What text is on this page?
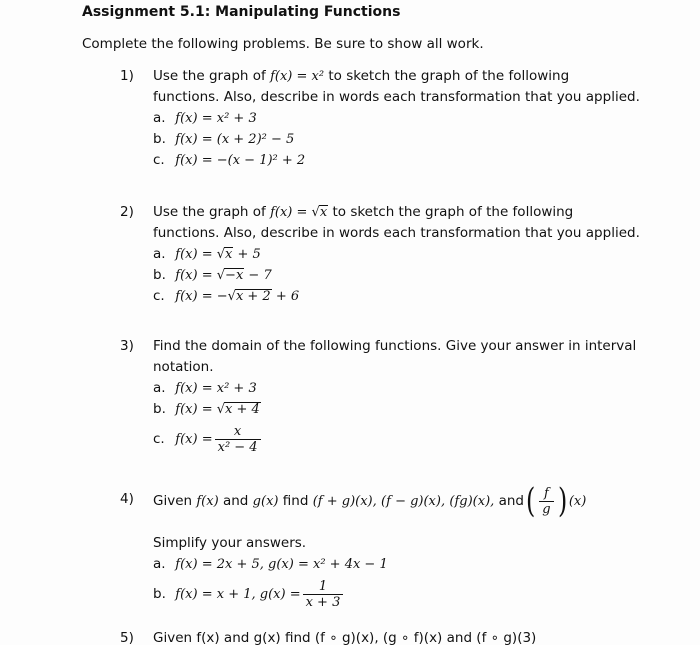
Assignment 5.1: Manipulating Functions
Complete the following problems. Be sure to show all work.
1)	Use the graph of f(x) = x² to sketch the graph of the following
functions. Also, describe in words each transformation that you applied.
a. f(x) = x² + 3
b. f(x) = (x + 2)² − 5
c. f(x) = −(x − 1)² + 2
2)	Use the graph of f(x) = √x to sketch the graph of the following
functions. Also, describe in words each transformation that you applied.
a. f(x) = √x + 5
b. f(x) = √−x − 7
c. f(x) = −√x + 2 + 6
3)	Find the domain of the following functions. Give your answer in interval
notation.
a. f(x) = x² + 3
b. f(x) = √x + 4
c. $f(x) = \frac{x}{\text{x² − 4}}$
4)	Given
f(x)
and
g(x)
find
(f + g)(x),
(f − g)(x),
(fg)(x),
and ( $\frac{f}{g}$ ) (x)
Simplify your answers.
a. f(x) = 2x + 5, g(x) = x² + 4x − 1
b. f(x) = x + 1, $g(x) = \frac{1}{x + 3}$
5) Given f(x) and g(x) find (f ∘ g)(x), (g ∘ f)(x) and (f ∘ g)(3)
